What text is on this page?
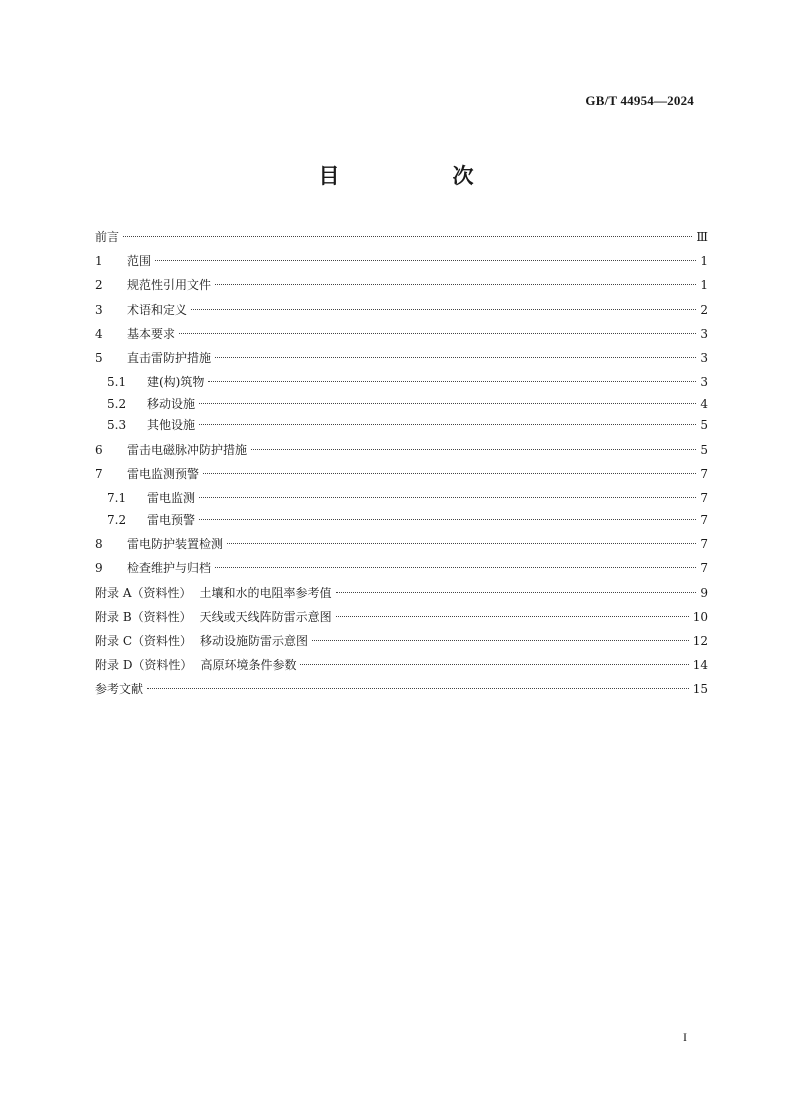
GB/T 44954—2024
目　次
前言	Ⅲ
1	范围	1
2	规范性引用文件	1
3	术语和定义	2
4	基本要求	3
5	直击雷防护措施	3
5.1	建(构)筑物	3
5.2	移动设施	4
5.3	其他设施	5
6	雷击电磁脉冲防护措施	5
7	雷电监测预警	7
7.1	雷电监测	7
7.2	雷电预警	7
8	雷电防护装置检测	7
9	检查维护与归档	7
附录 A（资料性） 土壤和水的电阻率参考值	9
附录 B（资料性） 天线或天线阵防雷示意图	10
附录 C（资料性） 移动设施防雷示意图	12
附录 D（资料性） 高原环境条件参数	14
参考文献	15
I
